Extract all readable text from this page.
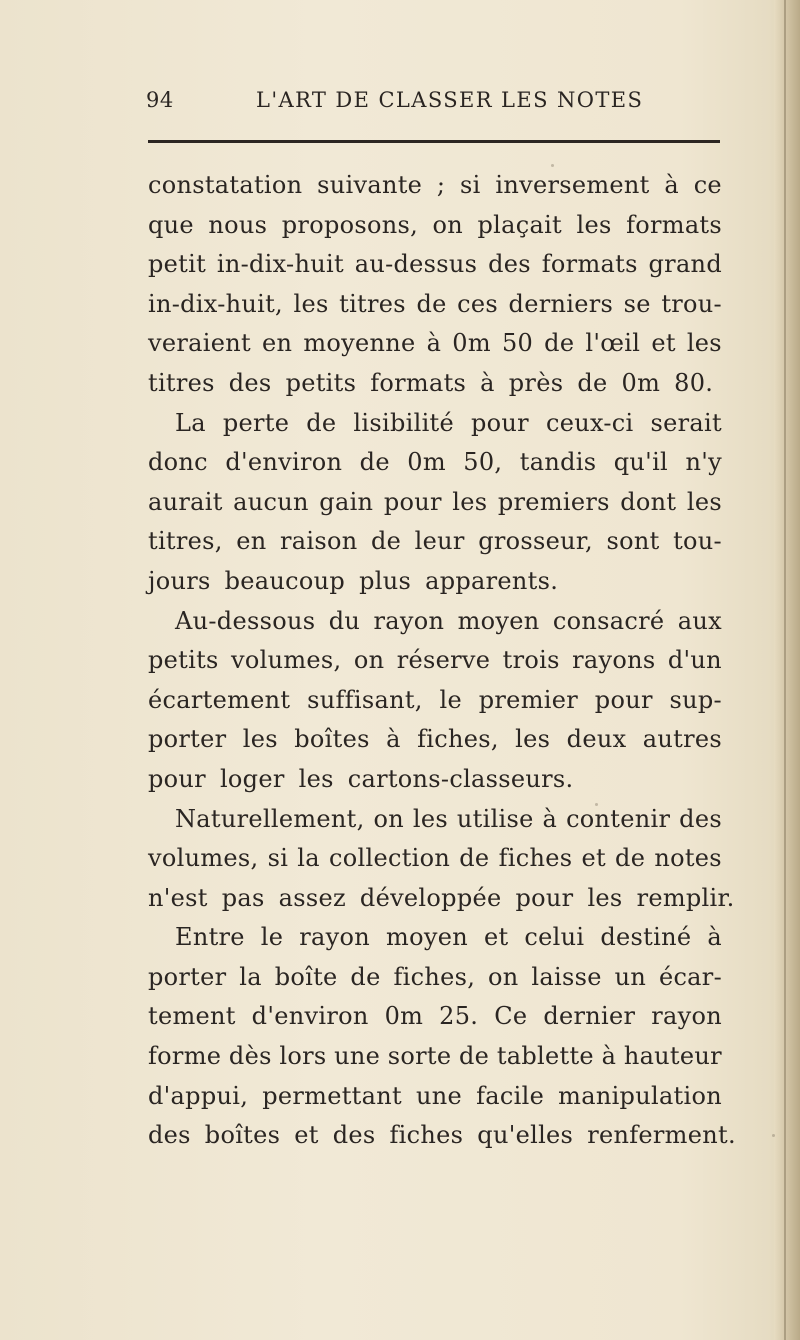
94	L'ART DE CLASSER LES NOTES
constatation suivante ; si inversement à ce
que nous proposons, on plaçait les formats
petit in-dix-huit au-dessus des formats grand
in-dix-huit, les titres de ces derniers se trou-
veraient en moyenne à 0m 50 de l'œil et les
titres des petits formats à près de 0m 80.
La perte de lisibilité pour ceux-ci serait
donc d'environ de 0m 50, tandis qu'il n'y
aurait aucun gain pour les premiers dont les
titres, en raison de leur grosseur, sont tou-
jours beaucoup plus apparents.
Au-dessous du rayon moyen consacré aux
petits volumes, on réserve trois rayons d'un
écartement suffisant, le premier pour sup-
porter les boîtes à fiches, les deux autres
pour loger les cartons-classeurs.
Naturellement, on les utilise à contenir des
volumes, si la collection de fiches et de notes
n'est pas assez développée pour les remplir.
Entre le rayon moyen et celui destiné à
porter la boîte de fiches, on laisse un écar-
tement d'environ 0m 25. Ce dernier rayon
forme dès lors une sorte de tablette à hauteur
d'appui, permettant une facile manipulation
des boîtes et des fiches qu'elles renferment.
